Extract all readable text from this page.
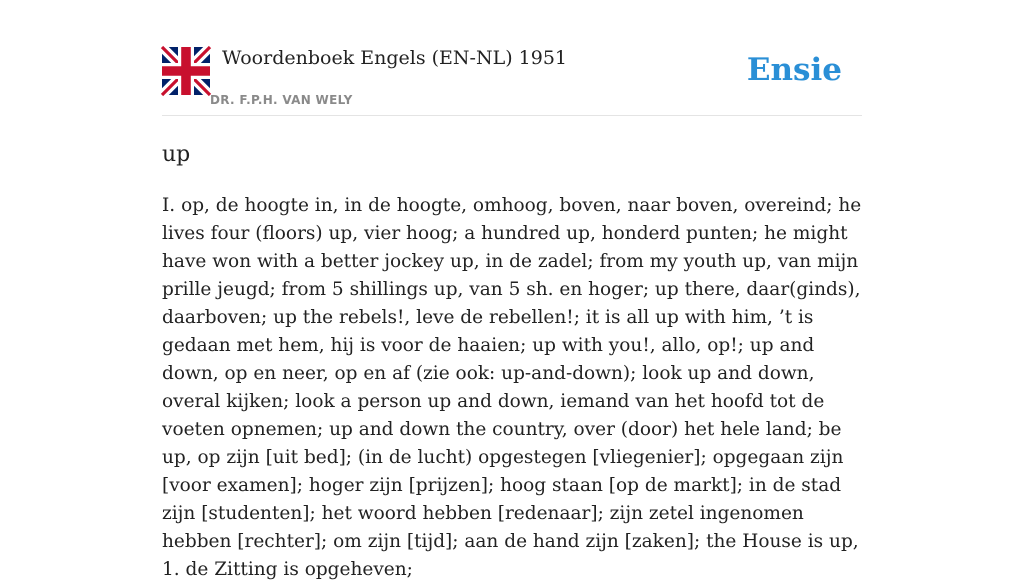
Woordenboek Engels (EN-NL) 1951
DR. F.P.H. VAN WELY
Ensie
up

I. op, de hoogte in, in de hoogte, omhoog, boven, naar boven, overeind; he lives four (floors) up, vier hoog; a hundred up, honderd punten; he might have won with a better jockey up, in de zadel; from my youth up, van mijn prille jeugd; from 5 shillings up, van 5 sh. en hoger; up there, daar(ginds), daarboven; up the rebels!, leve de rebellen!; it is all up with him, ’t is gedaan met hem, hij is voor de haaien; up with you!, allo, op!; up and down, op en neer, op en af (zie ook: up-and-down); look up and down, overal kijken; look a person up and down, iemand van het hoofd tot de voeten opnemen; up and down the country, over (door) het hele land; be up, op zijn [uit bed]; (in de lucht) opgestegen [vliegenier]; opgegaan zijn [voor examen]; hoger zijn [prijzen]; hoog staan [op de markt]; in de stad zijn [studenten]; het woord hebben [redenaar]; zijn zetel ingenomen hebben [rechter]; om zijn [tijd]; aan de hand zijn [zaken]; the House is up, 1. de Zitting is opgeheven;
